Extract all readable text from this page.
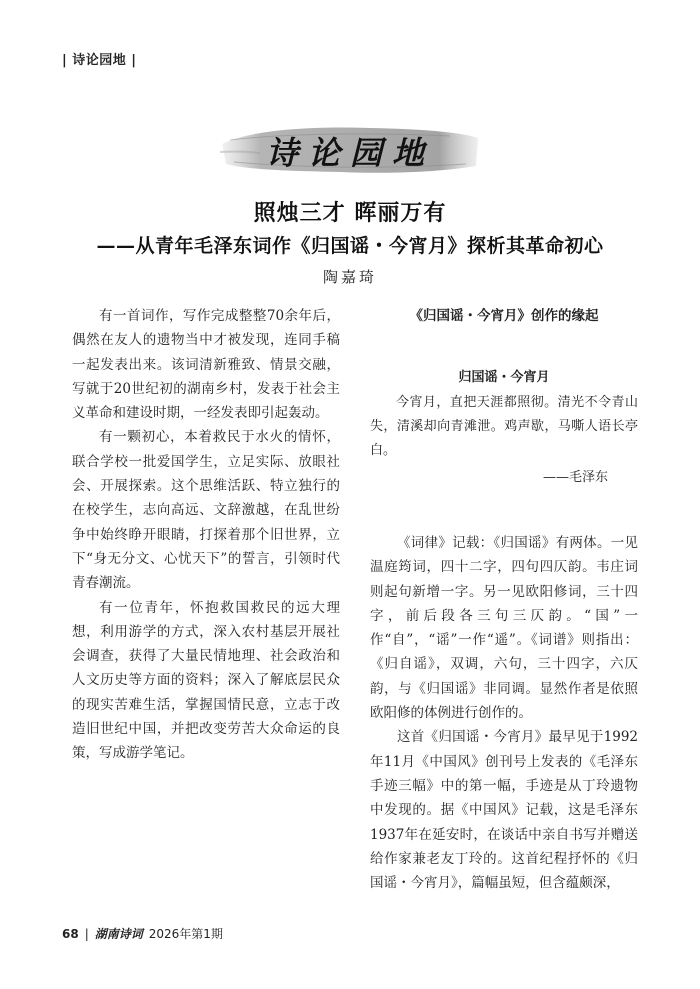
| 诗论园地 |
诗论园地
照烛三才 晖丽万有
——从青年毛泽东词作《归国谣・今宵月》探析其革命初心
陶嘉琦

有一首词作，写作完成整整70余年后，偶然在友人的遗物当中才被发现，连同手稿一起发表出来。该词清新雅致、情景交融，写就于20世纪初的湖南乡村，发表于社会主义革命和建设时期，一经发表即引起轰动。

有一颗初心，本着救民于水火的情怀，联合学校一批爱国学生，立足实际、放眼社会、开展探索。这个思维活跃、特立独行的在校学生，志向高远、文辞激越，在乱世纷争中始终睁开眼睛，打探着那个旧世界，立下“身无分文、心忧天下”的誓言，引领时代青春潮流。

有一位青年，怀抱救国救民的远大理想，利用游学的方式，深入农村基层开展社会调查，获得了大量民情地理、社会政治和人文历史等方面的资料；深入了解底层民众的现实苦难生活，掌握国情民意，立志于改造旧世纪中国，并把改变劳苦大众命运的良策，写成游学笔记。

《归国谣・今宵月》创作的缘起
归国谣・今宵月

今宵月，直把天涯都照彻。清光不令青山失，清溪却向青滩泄。鸡声歇，马嘶人语长亭白。

——毛泽东

《词律》记载：《归国谣》有两体。一见温庭筠词，四十二字，四句四仄韵。韦庄词则起句新增一字。另一见欧阳修词，三十四字，前后段各三句三仄韵。“国”一作“自”，“谣”一作“遥”。《词谱》则指出：《归自谣》，双调，六句，三十四字，六仄韵，与《归国谣》非同调。显然作者是依照欧阳修的体例进行创作的。

这首《归国谣・今宵月》最早见于1992年11月《中国风》创刊号上发表的《毛泽东手迹三幅》中的第一幅，手迹是从丁玲遗物中发现的。据《中国风》记载，这是毛泽东1937年在延安时，在谈话中亲自书写并赠送给作家兼老友丁玲的。这首纪程抒怀的《归国谣・今宵月》，篇幅虽短，但含蕴颇深，

68 | 湖南诗词 2026年第1期
